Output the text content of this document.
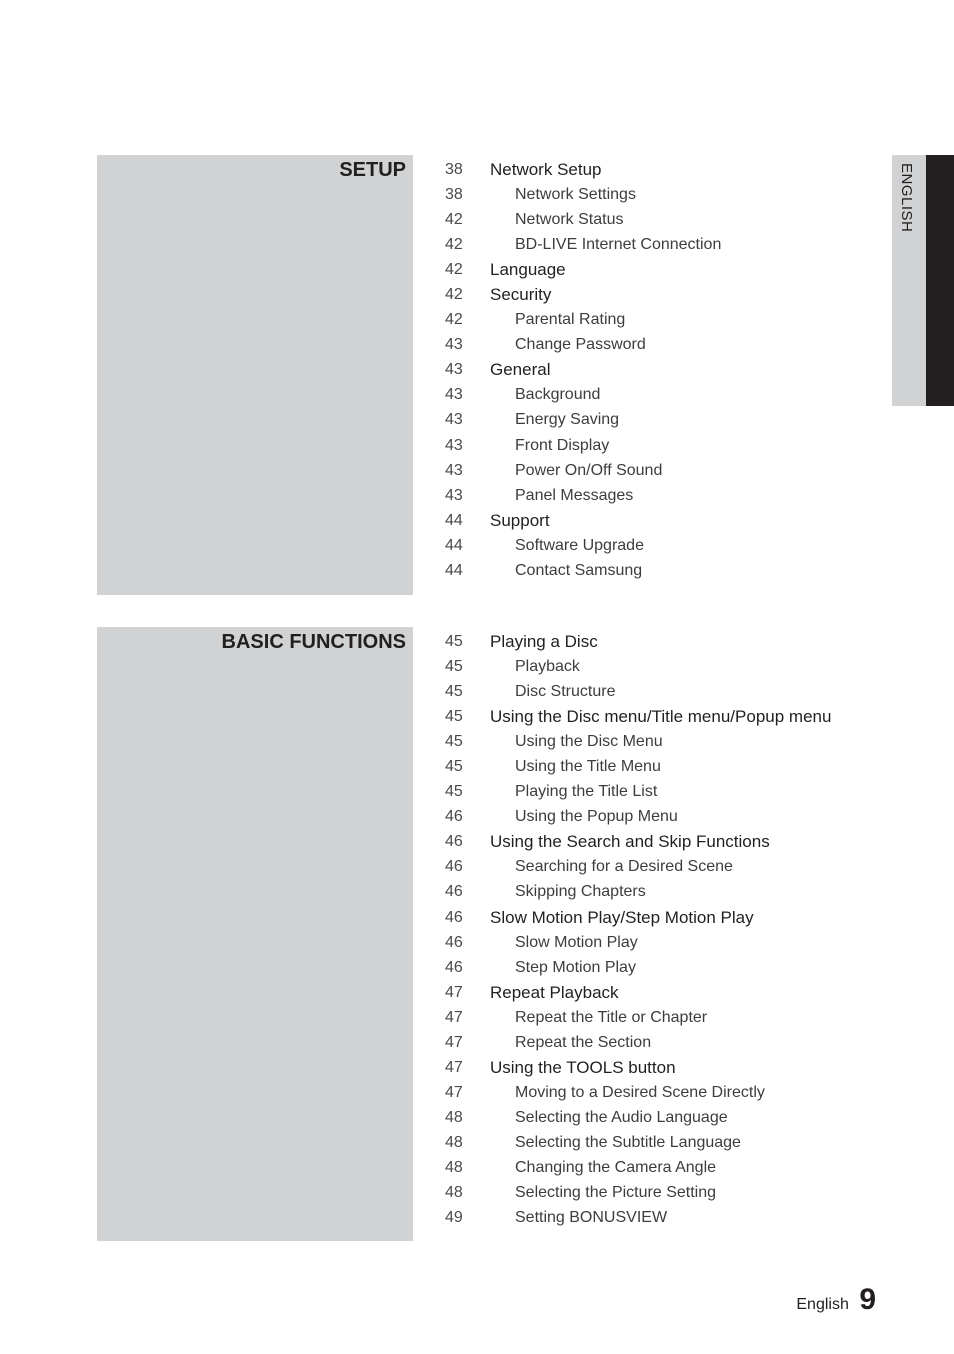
ENGLISH
SETUP 38 Network Setup
38	Network Settings
42	Network Status
42	BD-LIVE Internet Connection
42 Language
42 Security
42	Parental Rating
43	Change Password
43 General
43	Background
43	Energy Saving
43	Front Display
43	Power On/Off Sound
43	Panel Messages
44 Support
44	Software Upgrade
44	Contact Samsung
BASIC FUNCTIONS 45 Playing a Disc
45	Playback
45	Disc Structure
45 Using the Disc menu/Title menu/Popup menu
45	Using the Disc Menu
45	Using the Title Menu
45	Playing the Title List
46	Using the Popup Menu
46 Using the Search and Skip Functions
46	Searching for a Desired Scene
46	Skipping Chapters
46 Slow Motion Play/Step Motion Play
46	Slow Motion Play
46	Step Motion Play
47 Repeat Playback
47	Repeat the Title or Chapter
47	Repeat the Section
47 Using the TOOLS button
47	Moving to a Desired Scene Directly
48	Selecting the Audio Language
48	Selecting the Subtitle Language
48	Changing the Camera Angle
48	Selecting the Picture Setting
49	Setting BONUSVIEW
English 9
